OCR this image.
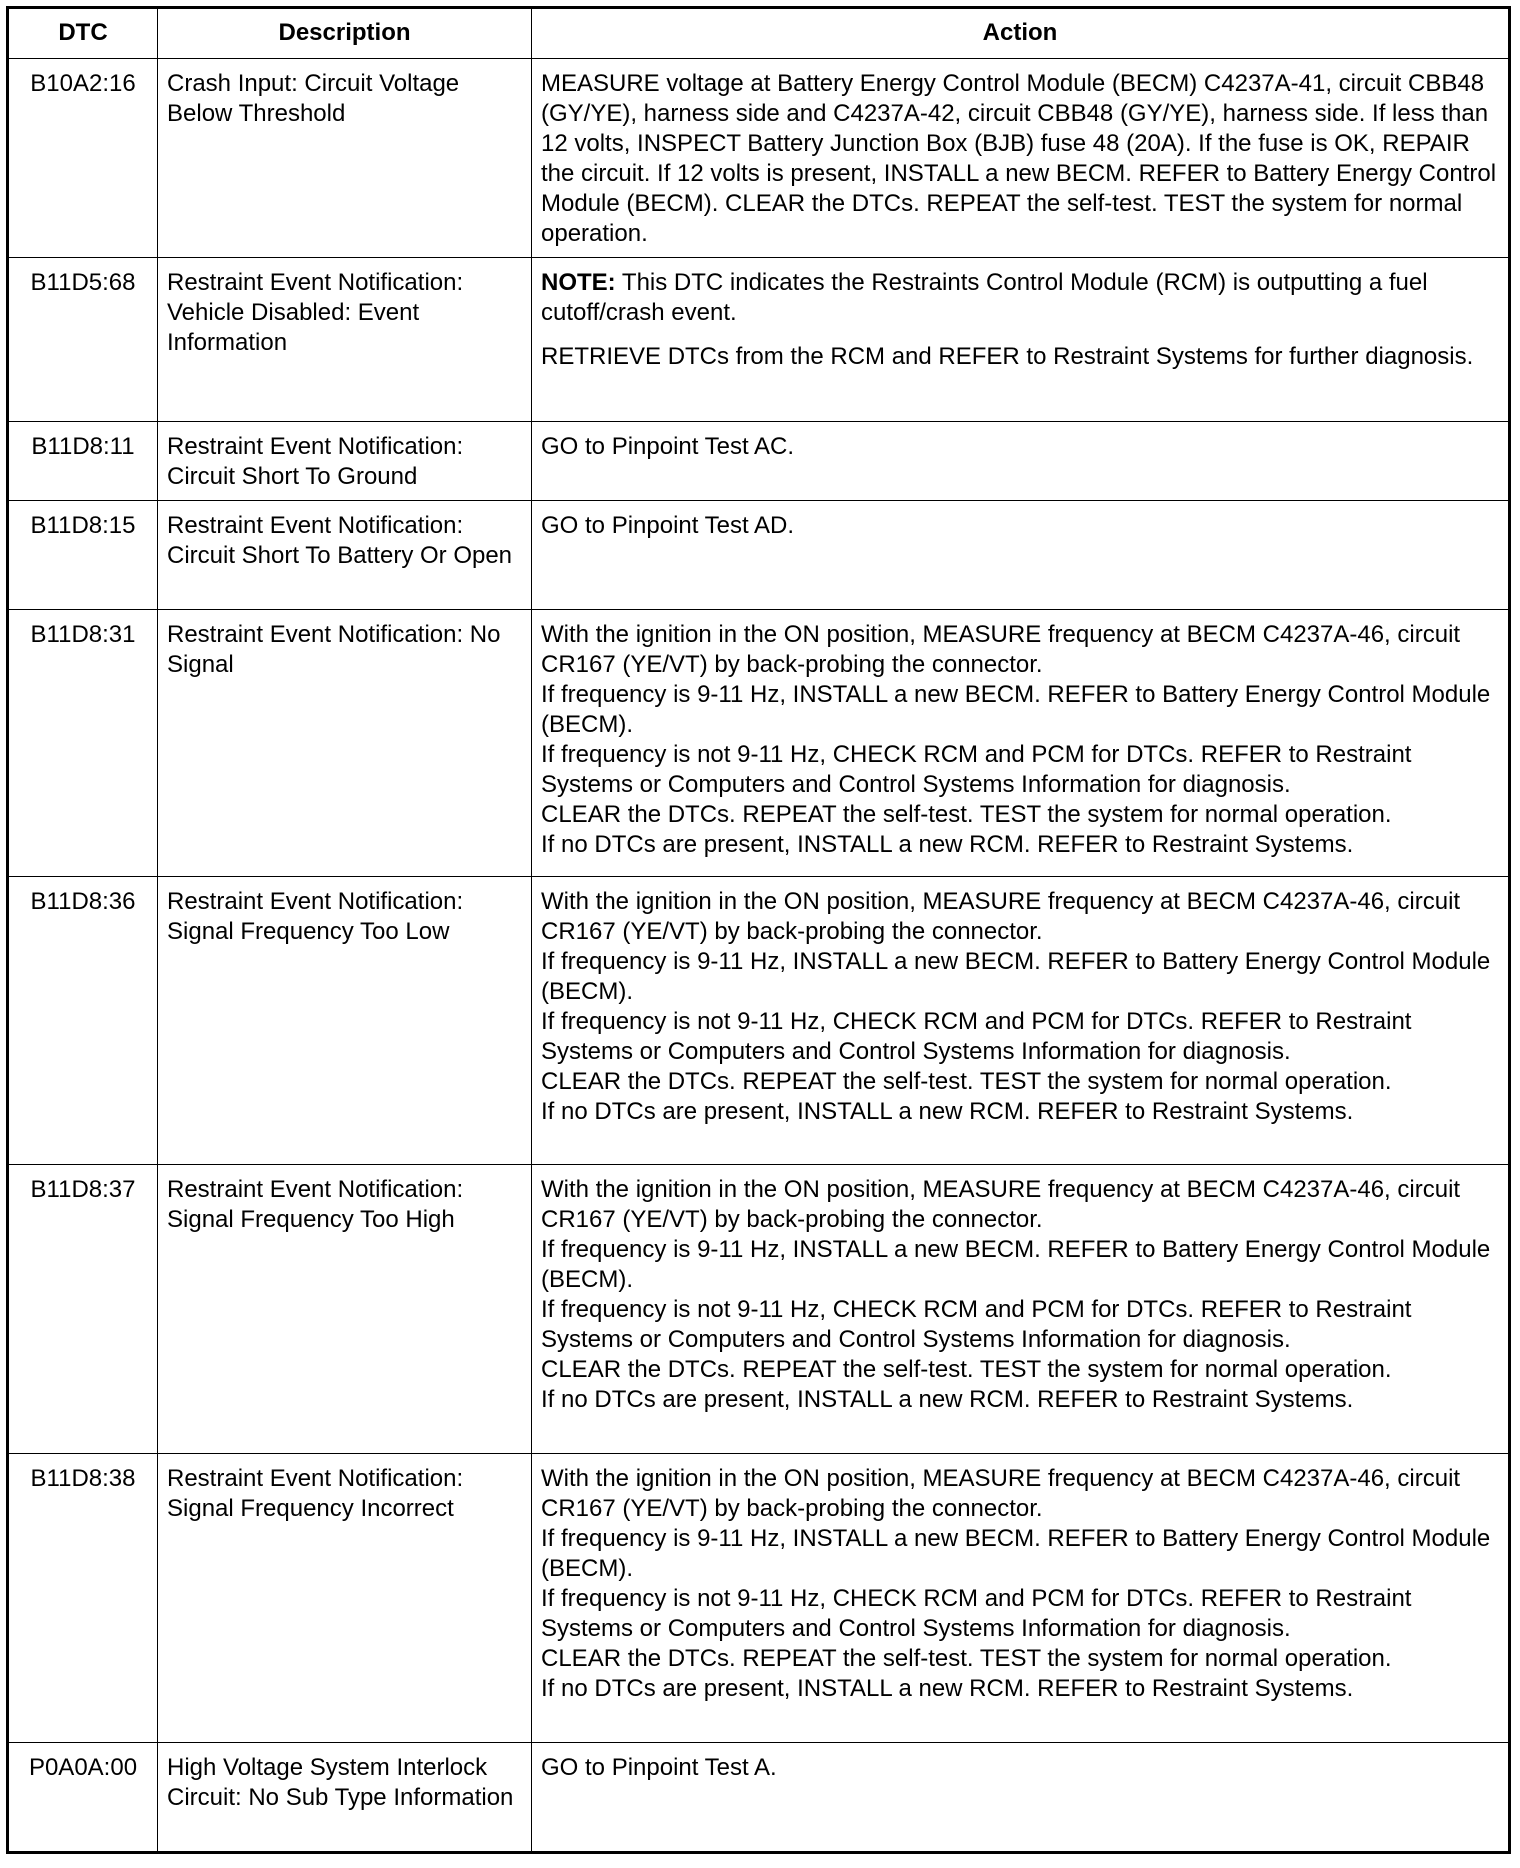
DTC	Description	Action
B10A2:16	Crash Input: Circuit Voltage Below Threshold	MEASURE voltage at Battery Energy Control Module (BECM) C4237A-41, circuit CBB48 (GY/YE), harness side and C4237A-42, circuit CBB48 (GY/YE), harness side. If less than 12 volts, INSPECT Battery Junction Box (BJB) fuse 48 (20A). If the fuse is OK, REPAIR the circuit. If 12 volts is present, INSTALL a new BECM. REFER to Battery Energy Control Module (BECM). CLEAR the DTCs. REPEAT the self-test. TEST the system for normal operation.

B11D5:68	Restraint Event Notification: Vehicle Disabled: Event Information	NOTE: This DTC indicates the Restraints Control Module (RCM) is outputting a fuel cutoff/crash event.

RETRIEVE DTCs from the RCM and REFER to Restraint Systems for further diagnosis.

B11D8:11	Restraint Event Notification: Circuit Short To Ground	GO to Pinpoint Test AC.

B11D8:15	Restraint Event Notification: Circuit Short To Battery Or Open	GO to Pinpoint Test AD.

B11D8:31	Restraint Event Notification: No Signal	With the ignition in the ON position, MEASURE frequency at BECM C4237A-46, circuit CR167 (YE/VT) by back-probing the connector.

If frequency is 9-11 Hz, INSTALL a new BECM. REFER to Battery Energy Control Module (BECM).

If frequency is not 9-11 Hz, CHECK RCM and PCM for DTCs. REFER to Restraint Systems or Computers and Control Systems Information for diagnosis.

CLEAR the DTCs. REPEAT the self-test. TEST the system for normal operation.

If no DTCs are present, INSTALL a new RCM. REFER to Restraint Systems.

B11D8:36	Restraint Event Notification: Signal Frequency Too Low	With the ignition in the ON position, MEASURE frequency at BECM C4237A-46, circuit CR167 (YE/VT) by back-probing the connector.

If frequency is 9-11 Hz, INSTALL a new BECM. REFER to Battery Energy Control Module (BECM).

If frequency is not 9-11 Hz, CHECK RCM and PCM for DTCs. REFER to Restraint Systems or Computers and Control Systems Information for diagnosis.

CLEAR the DTCs. REPEAT the self-test. TEST the system for normal operation.

If no DTCs are present, INSTALL a new RCM. REFER to Restraint Systems.

B11D8:37	Restraint Event Notification: Signal Frequency Too High	With the ignition in the ON position, MEASURE frequency at BECM C4237A-46, circuit CR167 (YE/VT) by back-probing the connector.

If frequency is 9-11 Hz, INSTALL a new BECM. REFER to Battery Energy Control Module (BECM).

If frequency is not 9-11 Hz, CHECK RCM and PCM for DTCs. REFER to Restraint Systems or Computers and Control Systems Information for diagnosis.

CLEAR the DTCs. REPEAT the self-test. TEST the system for normal operation.

If no DTCs are present, INSTALL a new RCM. REFER to Restraint Systems.

B11D8:38	Restraint Event Notification: Signal Frequency Incorrect	With the ignition in the ON position, MEASURE frequency at BECM C4237A-46, circuit CR167 (YE/VT) by back-probing the connector.

If frequency is 9-11 Hz, INSTALL a new BECM. REFER to Battery Energy Control Module (BECM).

If frequency is not 9-11 Hz, CHECK RCM and PCM for DTCs. REFER to Restraint Systems or Computers and Control Systems Information for diagnosis.

CLEAR the DTCs. REPEAT the self-test. TEST the system for normal operation.

If no DTCs are present, INSTALL a new RCM. REFER to Restraint Systems.

P0A0A:00	High Voltage System Interlock Circuit: No Sub Type Information	GO to Pinpoint Test A.
